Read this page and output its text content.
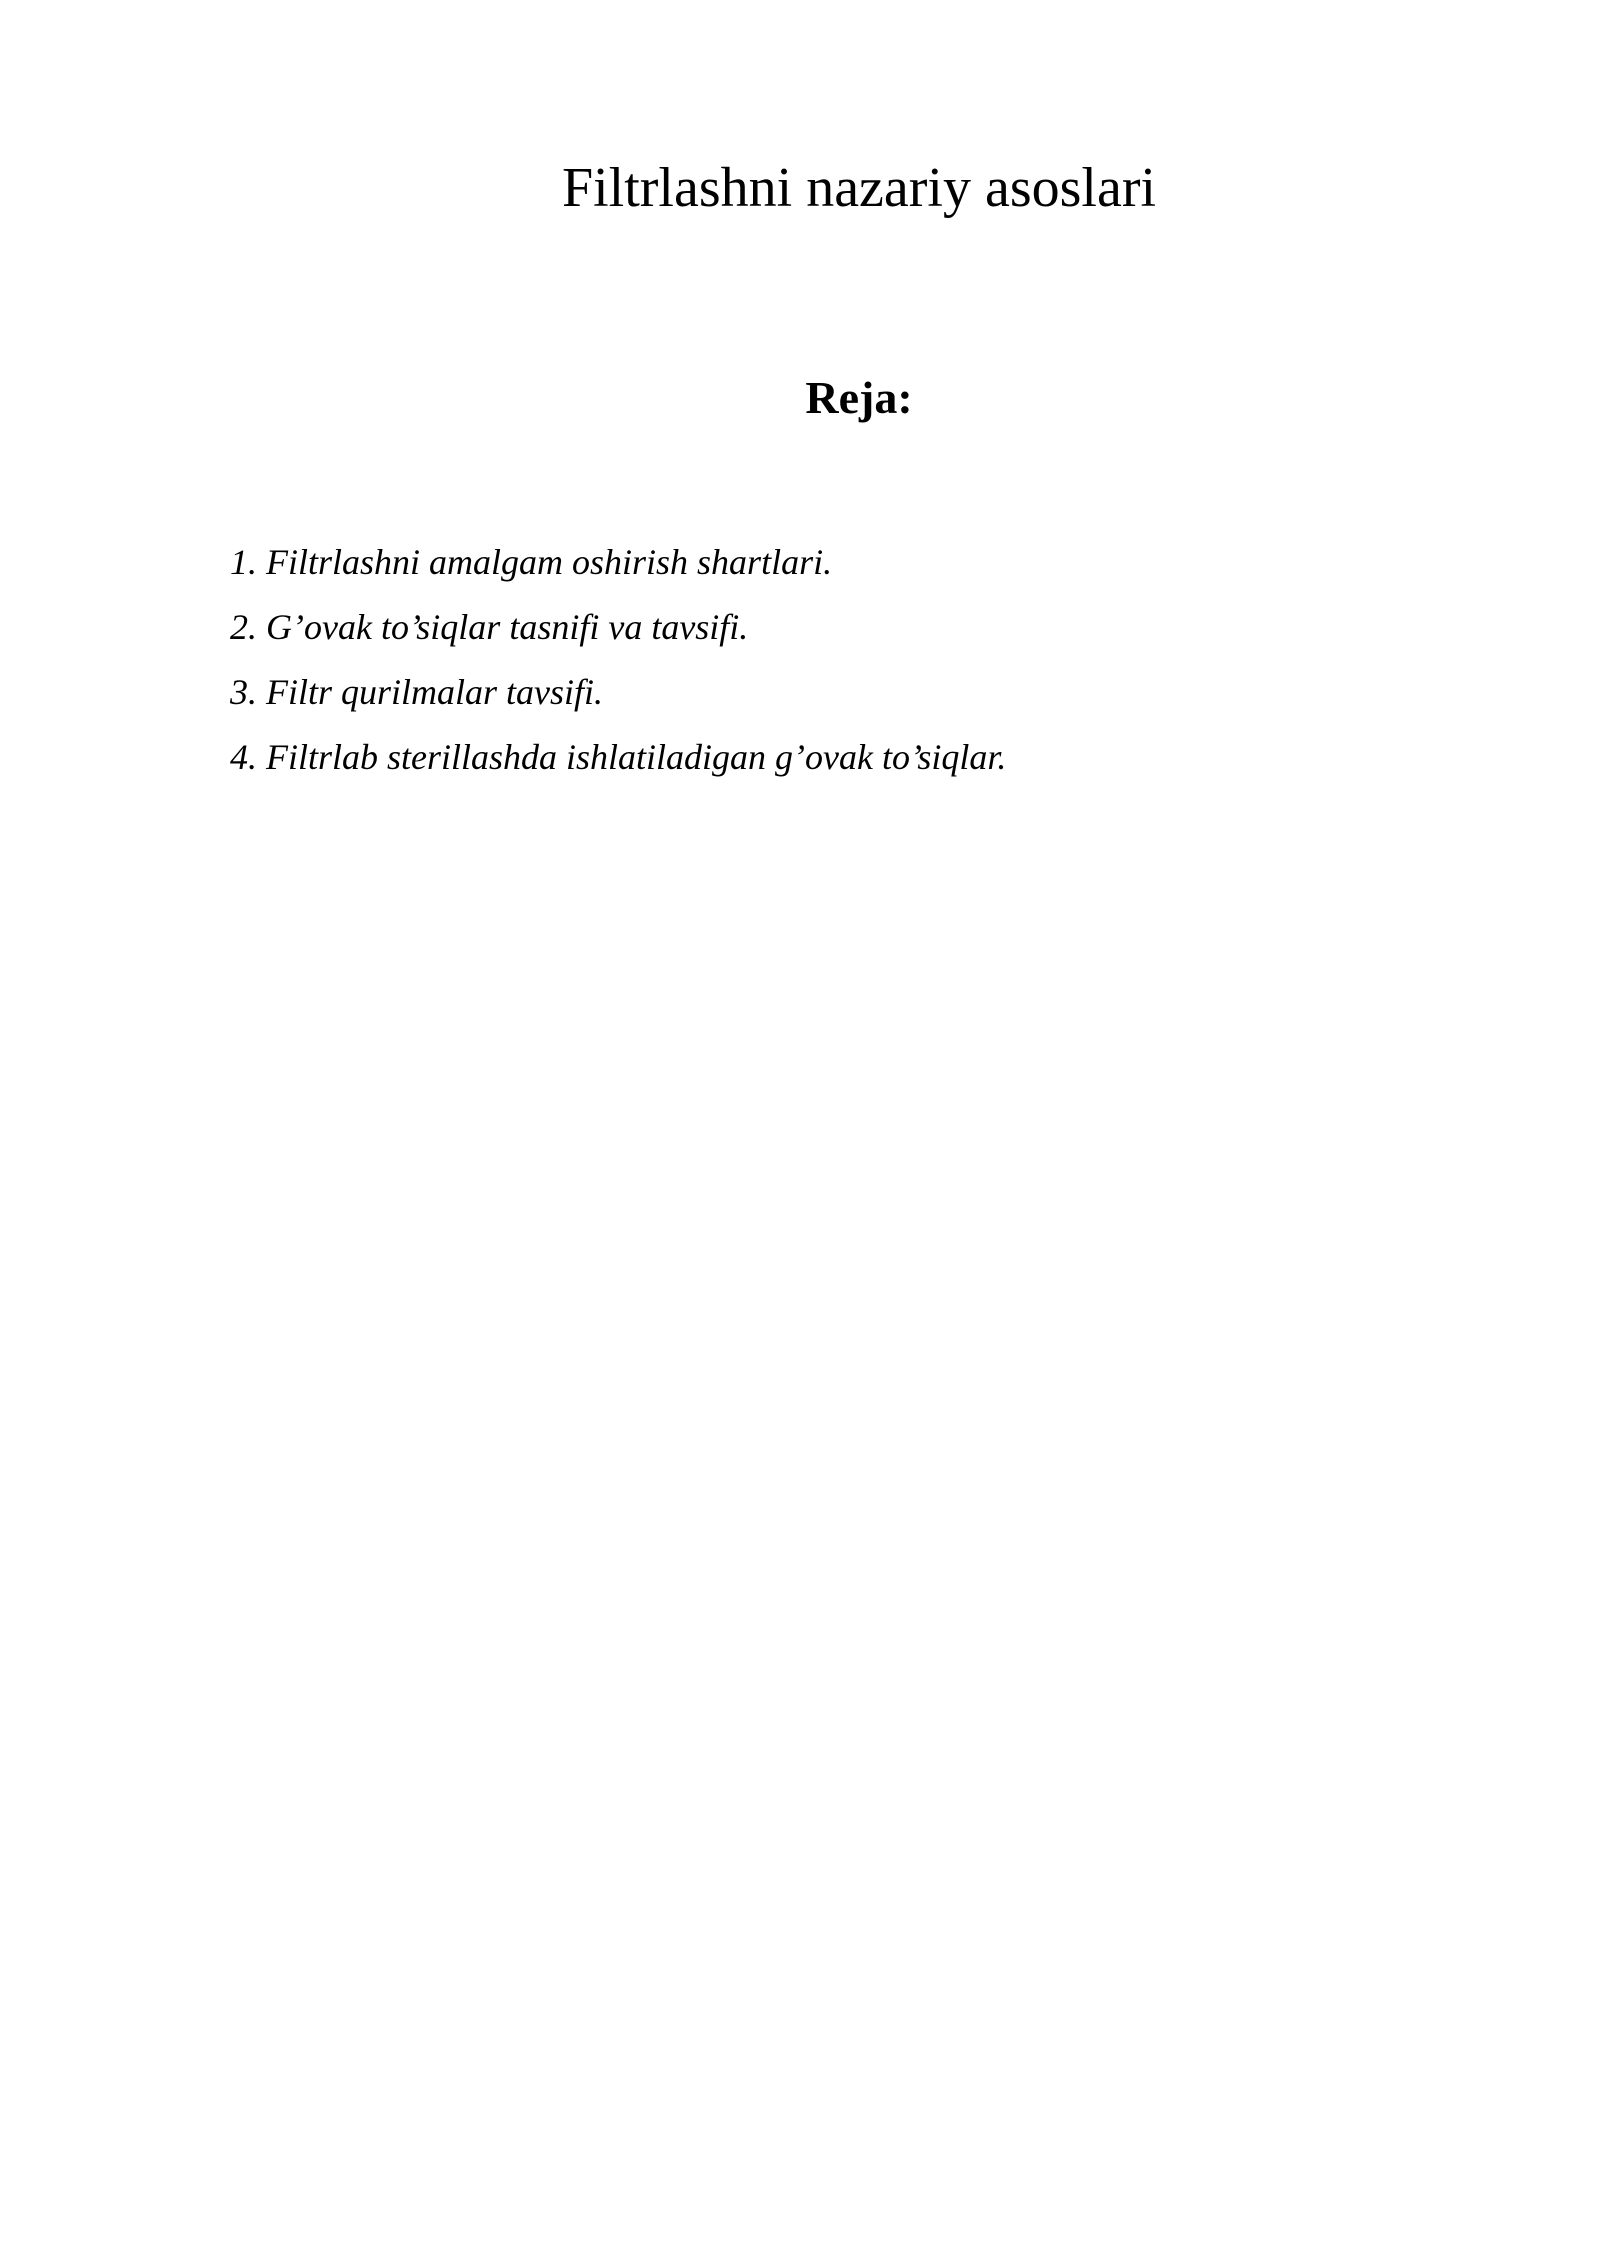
Filtrlashni nazariy asoslari
Reja:
1. Filtrlashni amalgam oshirish shartlari.
2. G’ovak to’siqlar tasnifi va tavsifi.
3. Filtr qurilmalar tavsifi.
4. Filtrlab sterillashda ishlatiladigan g’ovak to’siqlar.
